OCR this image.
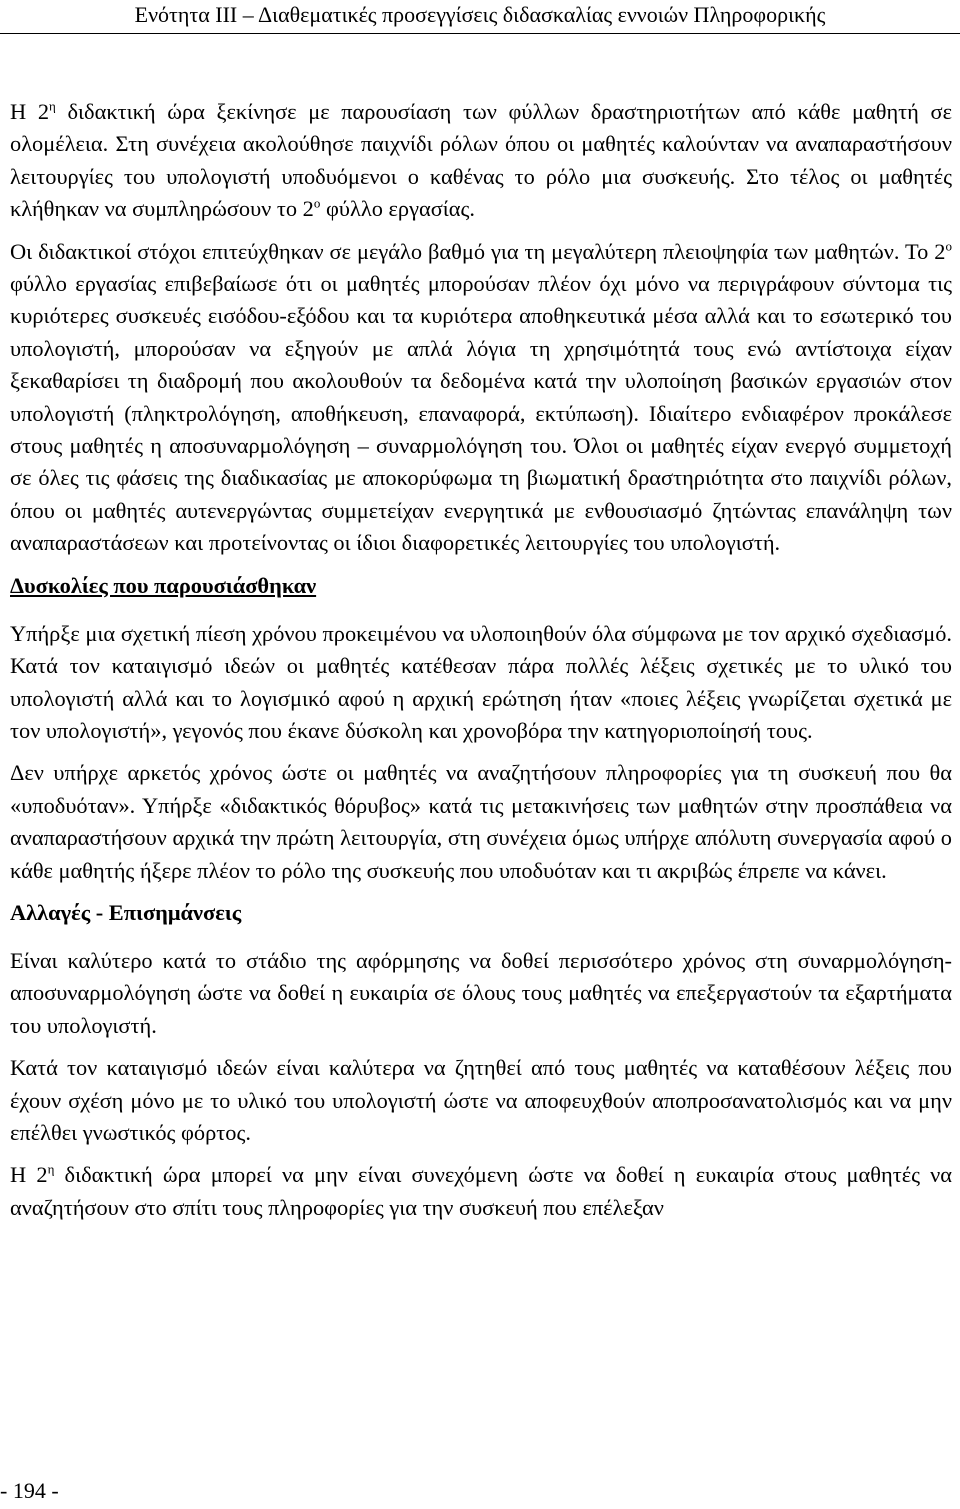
Ενότητα ΙΙΙ – Διαθεματικές προσεγγίσεις διδασκαλίας εννοιών Πληροφορικής

Η $2^\eta$ διδακτική ώρα ξεκίνησε με παρουσίαση των φύλλων δραστηριοτήτων από κάθε μαθητή σε ολομέλεια. Στη συνέχεια ακολούθησε παιχνίδι ρόλων όπου οι μαθητές καλούνταν να αναπαραστήσουν λειτουργίες του υπολογιστή υποδυόμενοι ο καθένας το ρόλο μια συσκευής. Στο τέλος οι μαθητές κλήθηκαν να συμπληρώσουν το $2^o$ φύλλο εργασίας.

Οι διδακτικοί στόχοι επιτεύχθηκαν σε μεγάλο βαθμό για τη μεγαλύτερη πλειοψηφία των μαθητών. Το $2^o$ φύλλο εργασίας επιβεβαίωσε ότι οι μαθητές μπορούσαν πλέον όχι μόνο να περιγράφουν σύντομα τις κυριότερες συσκευές εισόδου-εξόδου και τα κυριότερα αποθηκευτικά μέσα αλλά και το εσωτερικό του υπολογιστή, μπορούσαν να εξηγούν με απλά λόγια τη χρησιμότητά τους ενώ αντίστοιχα είχαν ξεκαθαρίσει τη διαδρομή που ακολουθούν τα δεδομένα κατά την υλοποίηση βασικών εργασιών στον υπολογιστή (πληκτρολόγηση, αποθήκευση, επαναφορά, εκτύπωση). Ιδιαίτερο ενδιαφέρον προκάλεσε στους μαθητές η αποσυναρμολόγηση – συναρμολόγηση του. Όλοι οι μαθητές είχαν ενεργό συμμετοχή σε όλες τις φάσεις της διαδικασίας με αποκορύφωμα τη βιωματική δραστηριότητα στο παιχνίδι ρόλων, όπου οι μαθητές αυτενεργώντας συμμετείχαν ενεργητικά με ενθουσιασμό ζητώντας επανάληψη των αναπαραστάσεων και προτείνοντας οι ίδιοι διαφορετικές λειτουργίες του υπολογιστή.

Δυσκολίες που παρουσιάσθηκαν

Υπήρξε μια σχετική πίεση χρόνου προκειμένου να υλοποιηθούν όλα σύμφωνα με τον αρχικό σχεδιασμό. Κατά τον καταιγισμό ιδεών οι μαθητές κατέθεσαν πάρα πολλές λέξεις σχετικές με το υλικό του υπολογιστή αλλά και το λογισμικό αφού η αρχική ερώτηση ήταν «ποιες λέξεις γνωρίζεται σχετικά με τον υπολογιστή», γεγονός που έκανε δύσκολη και χρονοβόρα την κατηγοριοποίησή τους.

Δεν υπήρχε αρκετός χρόνος ώστε οι μαθητές να αναζητήσουν πληροφορίες για τη συσκευή που θα «υποδυόταν». Υπήρξε «διδακτικός θόρυβος» κατά τις μετακινήσεις των μαθητών στην προσπάθεια να αναπαραστήσουν αρχικά την πρώτη λειτουργία, στη συνέχεια όμως υπήρχε απόλυτη συνεργασία αφού ο κάθε μαθητής ήξερε πλέον το ρόλο της συσκευής που υποδυόταν και τι ακριβώς έπρεπε να κάνει.

Αλλαγές - Επισημάνσεις

Είναι καλύτερο κατά το στάδιο της αφόρμησης να δοθεί περισσότερο χρόνος στη συναρμολόγηση- αποσυναρμολόγηση ώστε να δοθεί η ευκαιρία σε όλους τους μαθητές να επεξεργαστούν τα εξαρτήματα του υπολογιστή.

Κατά τον καταιγισμό ιδεών είναι καλύτερα να ζητηθεί από τους μαθητές να καταθέσουν λέξεις που έχουν σχέση μόνο με το υλικό του υπολογιστή ώστε να αποφευχθούν αποπροσανατολισμός και να μην επέλθει γνωστικός φόρτος.

Η $2^\eta$ διδακτική ώρα μπορεί να μην είναι συνεχόμενη ώστε να δοθεί η ευκαιρία στους μαθητές να αναζητήσουν στο σπίτι τους πληροφορίες για την συσκευή που επέλεξαν

- 194 -
